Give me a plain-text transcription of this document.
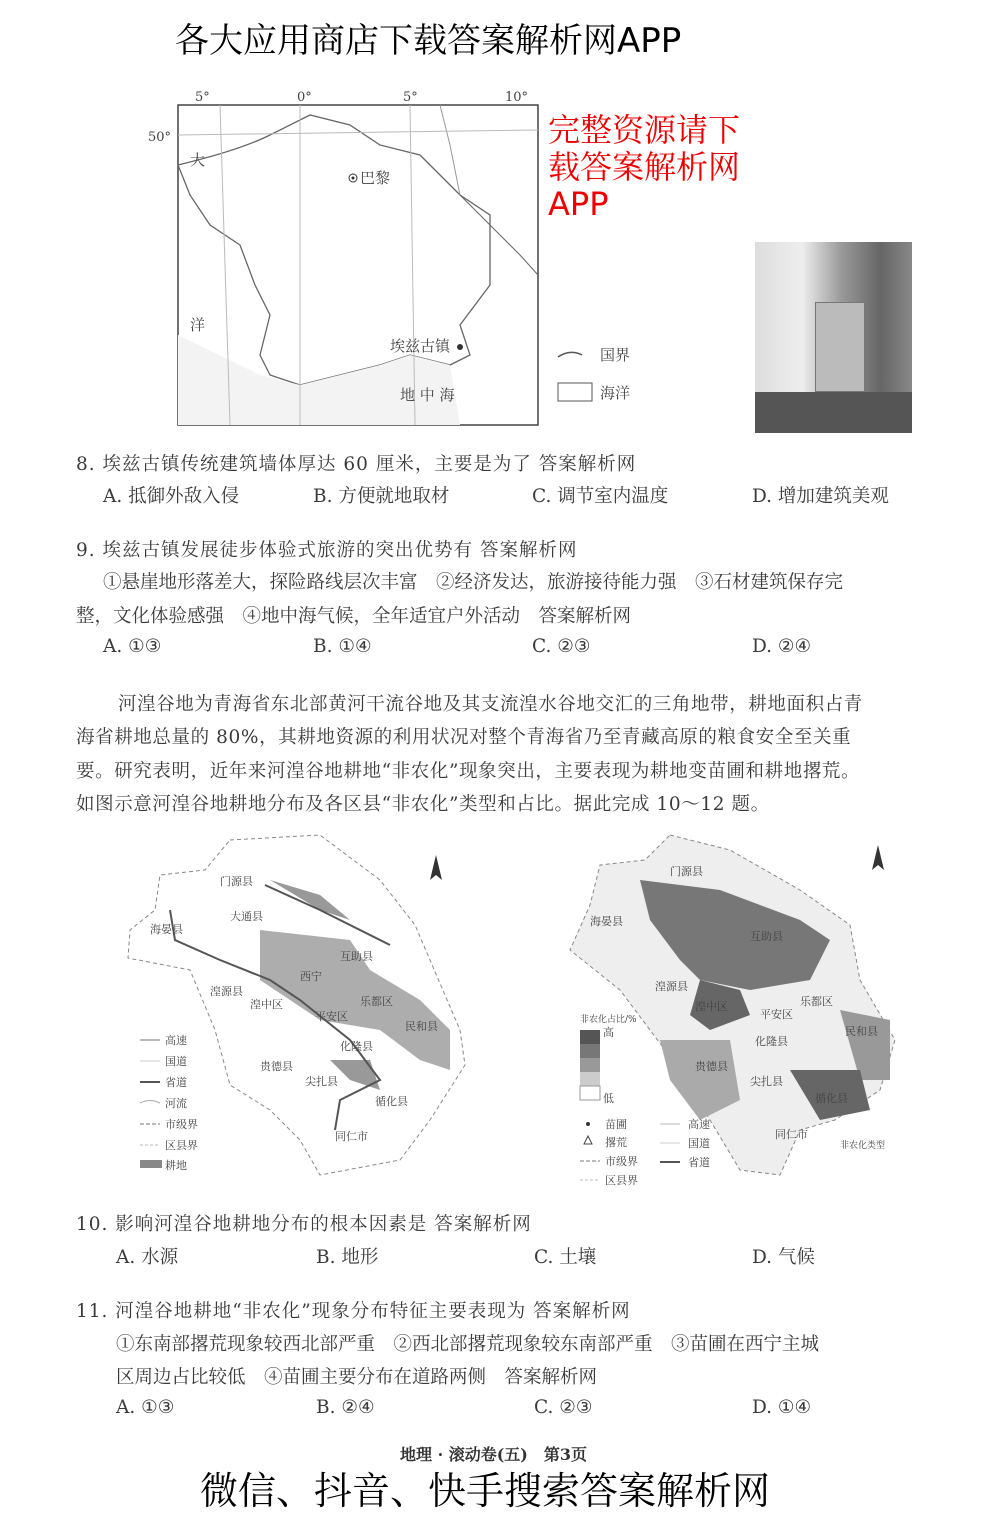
5°	0°	5°	10°
50°
巴黎
埃兹古镇
地 中 海
大
洋
国界
海洋
8. 埃兹古镇传统建筑墙体厚达 60 厘米，主要是为了 答案解析网
A. 抵御外敌入侵	B. 方便就地取材	C. 调节室内温度	D. 增加建筑美观
9. 埃兹古镇发展徒步体验式旅游的突出优势有 答案解析网
①悬崖地形落差大，探险路线层次丰富　②经济发达，旅游接待能力强　③石材建筑保存完
整，文化体验感强　④地中海气候，全年适宜户外活动　答案解析网
A. ①③	B. ①④	C. ②③	D. ②④
河湟谷地为青海省东北部黄河干流谷地及其支流湟水谷地交汇的三角地带，耕地面积占青
海省耕地总量的 80%，其耕地资源的利用状况对整个青海省乃至青藏高原的粮食安全至关重
要。研究表明，近年来河湟谷地耕地“非农化”现象突出，主要表现为耕地变苗圃和耕地撂荒。
如图示意河湟谷地耕地分布及各区县“非农化”类型和占比。据此完成 10～12 题。
门源县
大通县
海晏县
互助县
湟源县
西宁
湟中区
平安区
乐都区
民和县
化隆县
尖扎县
贵德县
循化县
同仁市
高速
国道
省道
河流
市级界
区县界
耕地
门源县
海晏县
互助县
湟源县
湟中区
平安区
乐都区
民和县
化隆县
尖扎县
贵德县
循化县
同仁市
非农化占比/%
高
低
苗圃
撂荒
市级界
区县界
高速
国道
省道
非农化类型
10. 影响河湟谷地耕地分布的根本因素是 答案解析网
A. 水源	B. 地形	C. 土壤	D. 气候
11. 河湟谷地耕地“非农化”现象分布特征主要表现为 答案解析网
①东南部撂荒现象较西北部严重　②西北部撂荒现象较东南部严重　③苗圃在西宁主城
区周边占比较低　④苗圃主要分布在道路两侧　答案解析网
A. ①③	B. ②④	C. ②③	D. ①④
地理 · 滚动卷(五)　第3页
各大应用商店下载答案解析网APP
完整资源请下载答案解析网APP
微信、抖音、快手搜索答案解析网
